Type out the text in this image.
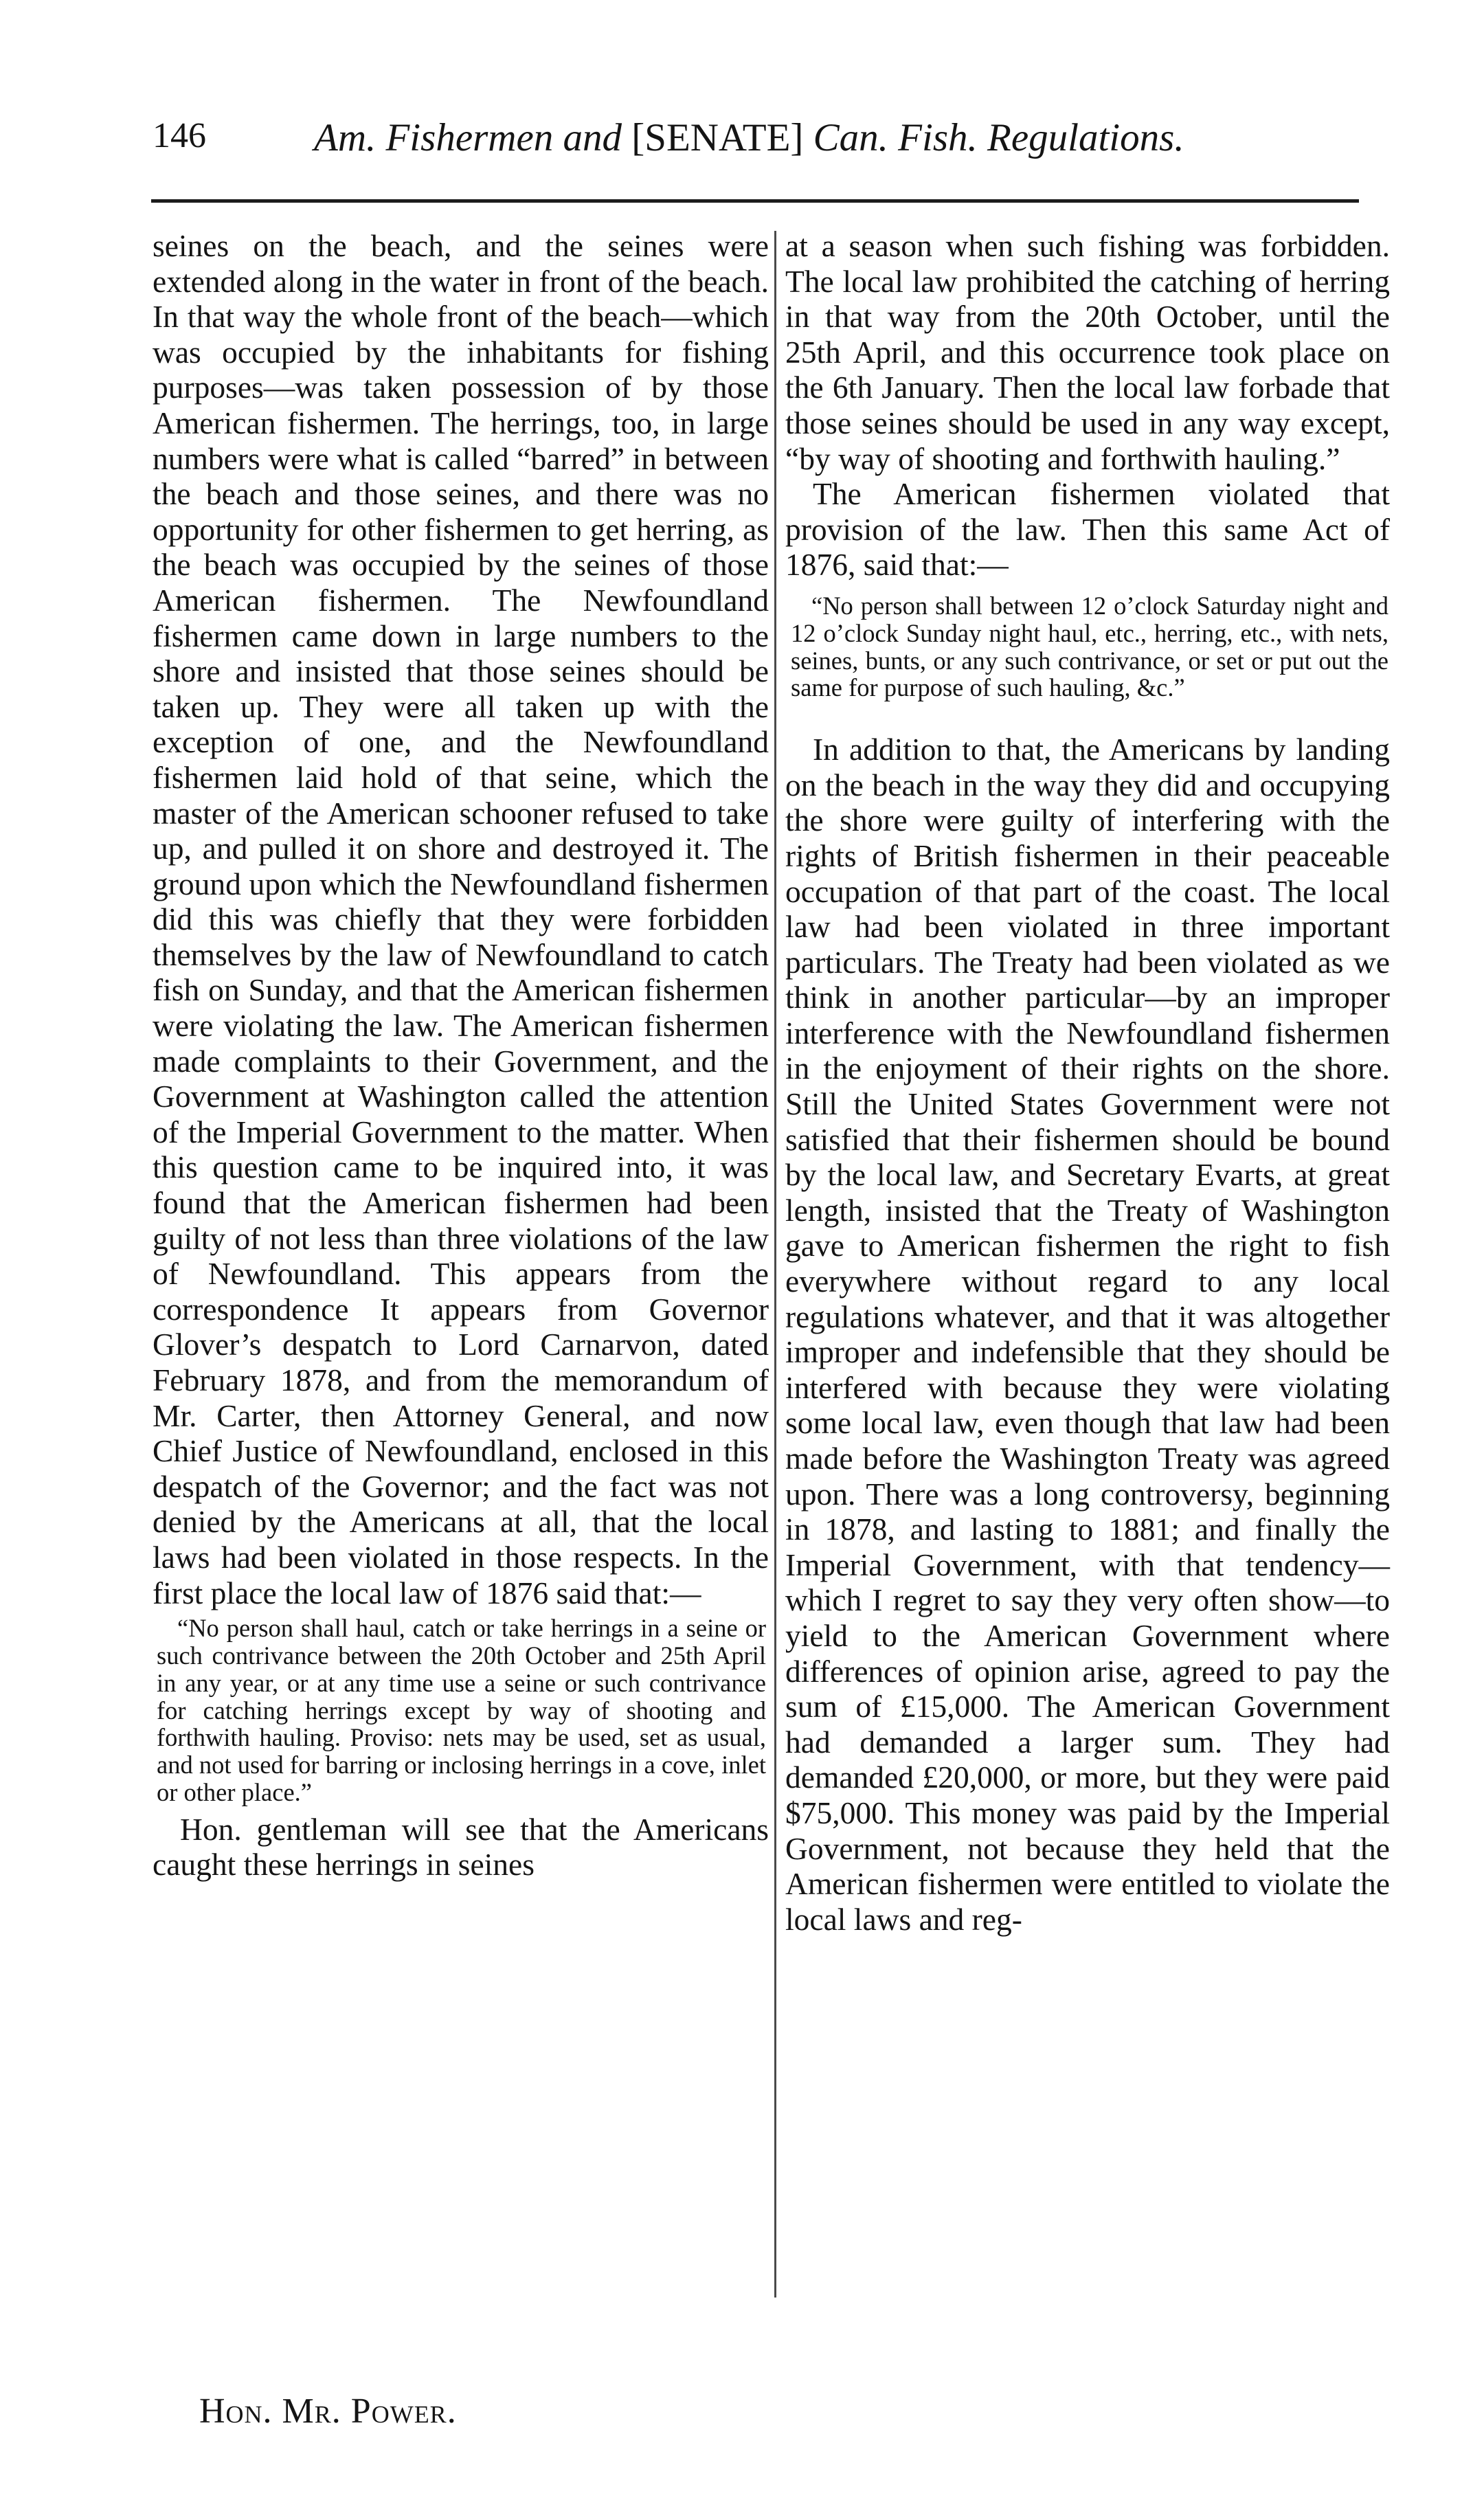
146	Am. Fishermen and [SENATE] Can. Fish. Regulations.

seines on the beach, and the seines were extended along in the water in front of the beach. In that way the whole front of the beach—which was occupied by the inhabitants for fishing purposes—was taken possession of by those American fishermen. The herrings, too, in large numbers were what is called “barred” in between the beach and those seines, and there was no opportunity for other fishermen to get herring, as the beach was occupied by the seines of those American fishermen. The Newfoundland fishermen came down in large numbers to the shore and insisted that those seines should be taken up. They were all taken up with the exception of one, and the Newfoundland fishermen laid hold of that seine, which the master of the American schooner refused to take up, and pulled it on shore and destroyed it. The ground upon which the Newfoundland fishermen did this was chiefly that they were forbidden themselves by the law of Newfoundland to catch fish on Sunday, and that the American fishermen were violating the law. The American fishermen made complaints to their Government, and the Government at Washington called the attention of the Imperial Government to the matter. When this question came to be inquired into, it was found that the American fishermen had been guilty of not less than three violations of the law of Newfoundland. This appears from the correspondence It appears from Governor Glover’s despatch to Lord Carnarvon, dated February 1878, and from the memorandum of Mr. Carter, then Attorney General, and now Chief Justice of Newfoundland, enclosed in this despatch of the Governor; and the fact was not denied by the Americans at all, that the local laws had been violated in those respects. In the first place the local law of 1876 said that:—

“No person shall haul, catch or take herrings in a seine or such contrivance between the 20th October and 25th April in any year, or at any time use a seine or such contrivance for catching herrings except by way of shooting and forthwith hauling. Proviso: nets may be used, set as usual, and not used for barring or inclosing herrings in a cove, inlet or other place.”

Hon. gentleman will see that the Americans caught these herrings in seines

at a season when such fishing was forbidden. The local law prohibited the catching of herring in that way from the 20th October, until the 25th April, and this occurrence took place on the 6th January. Then the local law forbade that those seines should be used in any way except, “by way of shooting and forthwith hauling.”

The American fishermen violated that provision of the law. Then this same Act of 1876, said that:—

“No person shall between 12 o’clock Saturday night and 12 o’clock Sunday night haul, etc., herring, etc., with nets, seines, bunts, or any such contrivance, or set or put out the same for purpose of such hauling, &c.”

In addition to that, the Americans by landing on the beach in the way they did and occupying the shore were guilty of interfering with the rights of British fishermen in their peaceable occupation of that part of the coast. The local law had been violated in three important particulars. The Treaty had been violated as we think in another particular—by an improper interference with the Newfoundland fishermen in the enjoyment of their rights on the shore. Still the United States Government were not satisfied that their fishermen should be bound by the local law, and Secretary Evarts, at great length, insisted that the Treaty of Washington gave to American fishermen the right to fish everywhere without regard to any local regulations whatever, and that it was altogether improper and indefensible that they should be interfered with because they were violating some local law, even though that law had been made before the Washington Treaty was agreed upon. There was a long controversy, beginning in 1878, and lasting to 1881; and finally the Imperial Government, with that tendency—which I regret to say they very often show—to yield to the American Government where differences of opinion arise, agreed to pay the sum of £15,000. The American Government had demanded a larger sum. They had demanded £20,000, or more, but they were paid $75,000. This money was paid by the Imperial Government, not because they held that the American fishermen were entitled to violate the local laws and reg-

Hon. Mr. Power.
